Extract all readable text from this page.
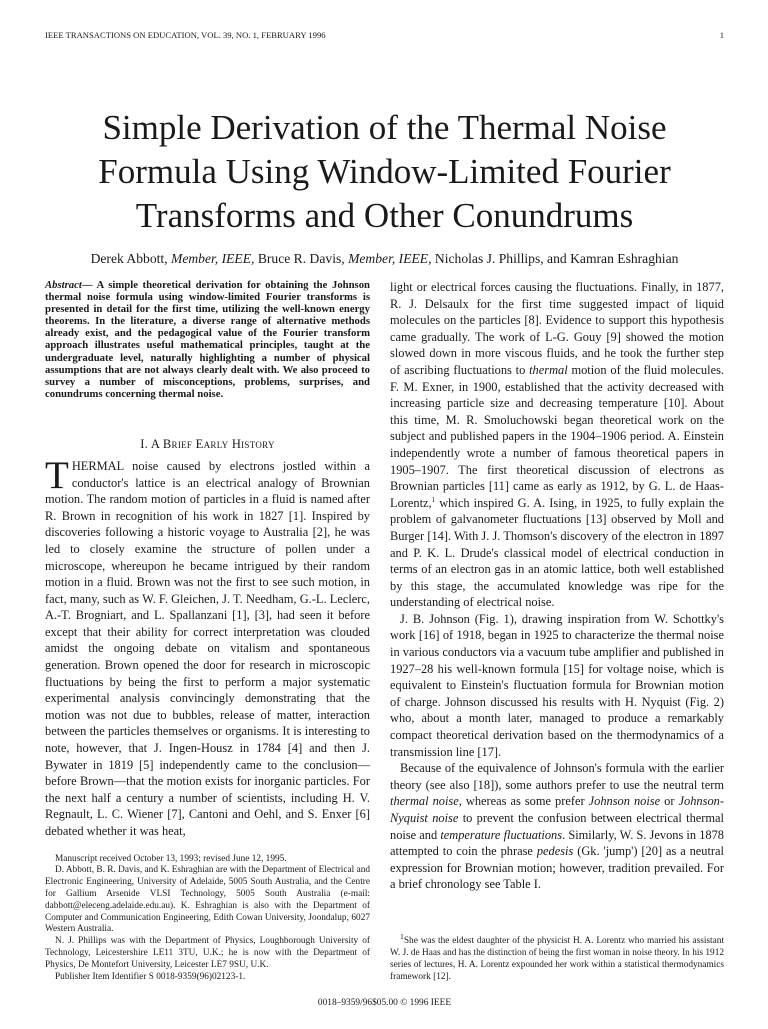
IEEE TRANSACTIONS ON EDUCATION, VOL. 39, NO. 1, FEBRUARY 1996	1
Simple Derivation of the Thermal Noise
Formula Using Window-Limited Fourier
Transforms and Other Conundrums
Derek Abbott, Member, IEEE, Bruce R. Davis, Member, IEEE, Nicholas J. Phillips, and Kamran Eshraghian
Abstract— A simple theoretical derivation for obtaining the Johnson thermal noise formula using window-limited Fourier transforms is presented in detail for the first time, utilizing the well-known energy theorems. In the literature, a diverse range of alternative methods already exist, and the pedagogical value of the Fourier transform approach illustrates useful mathematical principles, taught at the undergraduate level, naturally highlighting a number of physical assumptions that are not always clearly dealt with. We also proceed to survey a number of misconceptions, problems, surprises, and conundrums concerning thermal noise.
I. A Brief Early History

THERMAL noise caused by electrons jostled within a conductor's lattice is an electrical analogy of Brownian motion. The random motion of particles in a fluid is named after R. Brown in recognition of his work in 1827 [1]. Inspired by discoveries following a historic voyage to Australia [2], he was led to closely examine the structure of pollen under a microscope, whereupon he became intrigued by their random motion in a fluid. Brown was not the first to see such motion, in fact, many, such as W. F. Gleichen, J. T. Needham, G.-L. Leclerc, A.-T. Brogniart, and L. Spallanzani [1], [3], had seen it before except that their ability for correct interpretation was clouded amidst the ongoing debate on vitalism and spontaneous generation. Brown opened the door for research in microscopic fluctuations by being the first to perform a major systematic experimental analysis convincingly demonstrating that the motion was not due to bubbles, release of matter, interaction between the particles themselves or organisms. It is interesting to note, however, that J. Ingen-Housz in 1784 [4] and then J. Bywater in 1819 [5] independently came to the conclusion—before Brown—that the motion exists for inorganic particles. For the next half a century a number of scientists, including H. V. Regnault, L. C. Wiener [7], Cantoni and Oehl, and S. Enxer [6] debated whether it was heat,

Manuscript received October 13, 1993; revised June 12, 1995.

D. Abbott, B. R. Davis, and K. Eshraghian are with the Department of Electrical and Electronic Engineering, University of Adelaide, 5005 South Australia, and the Centre for Gallium Arsenide VLSI Technology, 5005 South Australia (e-mail: dabbott@eleceng.adelaide.edu.au). K. Eshraghian is also with the Department of Computer and Communication Engineering, Edith Cowan University, Joondalup, 6027 Western Australia.

N. J. Phillips was with the Department of Physics, Loughborough University of Technology, Leicestershire LE11 3TU, U.K.; he is now with the Department of Physics, De Montefort University, Leicester LE7 9SU, U.K.

Publisher Item Identifier S 0018-9359(96)02123-1.

light or electrical forces causing the fluctuations. Finally, in 1877, R. J. Delsaulx for the first time suggested impact of liquid molecules on the particles [8]. Evidence to support this hypothesis came gradually. The work of L-G. Gouy [9] showed the motion slowed down in more viscous fluids, and he took the further step of ascribing fluctuations to thermal motion of the fluid molecules. F. M. Exner, in 1900, established that the activity decreased with increasing particle size and decreasing temperature [10]. About this time, M. R. Smoluchowski began theoretical work on the subject and published papers in the 1904–1906 period. A. Einstein independently wrote a number of famous theoretical papers in 1905–1907. The first theoretical discussion of electrons as Brownian particles [11] came as early as 1912, by G. L. de Haas-Lorentz,$^1$ which inspired G. A. Ising, in 1925, to fully explain the problem of galvanometer fluctuations [13] observed by Moll and Burger [14]. With J. J. Thomson's discovery of the electron in 1897 and P. K. L. Drude's classical model of electrical conduction in terms of an electron gas in an atomic lattice, both well established by this stage, the accumulated knowledge was ripe for the understanding of electrical noise.

J. B. Johnson (Fig. 1), drawing inspiration from W. Schottky's work [16] of 1918, began in 1925 to characterize the thermal noise in various conductors via a vacuum tube amplifier and published in 1927–28 his well-known formula [15] for voltage noise, which is equivalent to Einstein's fluctuation formula for Brownian motion of charge. Johnson discussed his results with H. Nyquist (Fig. 2) who, about a month later, managed to produce a remarkably compact theoretical derivation based on the thermodynamics of a transmission line [17].

Because of the equivalence of Johnson's formula with the earlier theory (see also [18]), some authors prefer to use the neutral term thermal noise, whereas as some prefer Johnson noise or Johnson-Nyquist noise to prevent the confusion between electrical thermal noise and temperature fluctuations. Similarly, W. S. Jevons in 1878 attempted to coin the phrase pedesis (Gk. 'jump') [20] as a neutral expression for Brownian motion; however, tradition prevailed. For a brief chronology see Table I.

$^1$She was the eldest daughter of the physicist H. A. Lorentz who married his assistant W. J. de Haas and has the distinction of being the first woman in noise theory. In his 1912 series of lectures, H. A. Lorentz expounded her work within a statistical thermodynamics framework [12].

0018–9359/96$05.00 © 1996 IEEE
